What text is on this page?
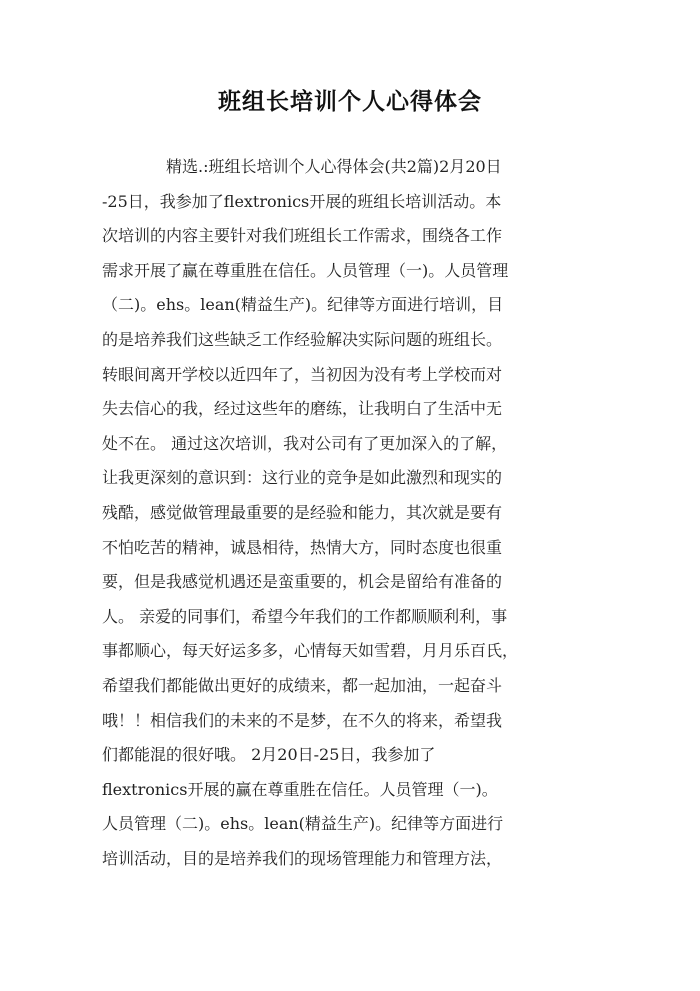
班组长培训个人心得体会
精选.:班组长培训个人心得体会(共2篇)2月20日
-25日，我参加了flextronics开展的班组长培训活动。本
次培训的内容主要针对我们班组长工作需求，围绕各工作
需求开展了赢在尊重胜在信任。人员管理（一)。人员管理
（二)。ehs。lean(精益生产)。纪律等方面进行培训，目
的是培养我们这些缺乏工作经验解决实际问题的班组长。
转眼间离开学校以近四年了，当初因为没有考上学校而对
失去信心的我，经过这些年的磨练，让我明白了生活中无
处不在。 通过这次培训，我对公司有了更加深入的了解，
让我更深刻的意识到：这行业的竞争是如此激烈和现实的
残酷，感觉做管理最重要的是经验和能力，其次就是要有
不怕吃苦的精神，诚恳相待，热情大方，同时态度也很重
要，但是我感觉机遇还是蛮重要的，机会是留给有准备的
人。 亲爱的同事们，希望今年我们的工作都顺顺利利，事
事都顺心，每天好运多多，心情每天如雪碧，月月乐百氏，
希望我们都能做出更好的成绩来，都一起加油，一起奋斗
哦！！相信我们的未来的不是梦，在不久的将来，希望我
们都能混的很好哦。 2月20日-25日，我参加了
flextronics开展的赢在尊重胜在信任。人员管理（一)。
人员管理（二)。ehs。lean(精益生产)。纪律等方面进行
培训活动，目的是培养我们的现场管理能力和管理方法，
